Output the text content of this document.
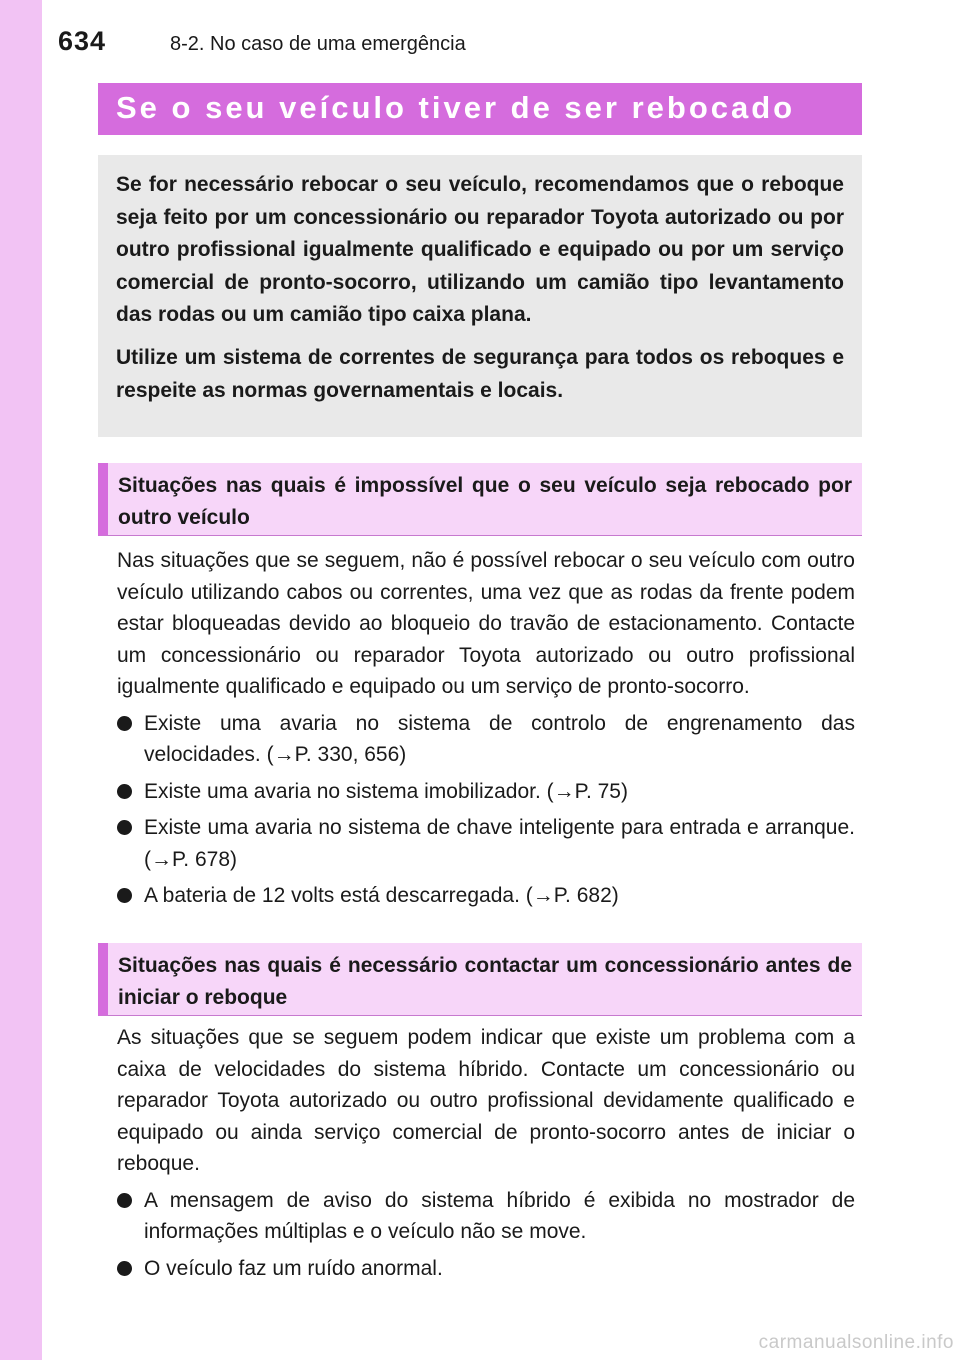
634	8-2. No caso de uma emergência
Se o seu veículo tiver de ser rebocado

Se for necessário rebocar o seu veículo, recomendamos que o reboque seja feito por um concessionário ou reparador Toyota autorizado ou por outro profissional igualmente qualificado e equipado ou por um serviço comercial de pronto-socorro, utilizando um camião tipo levantamento das rodas ou um camião tipo caixa plana.

Utilize um sistema de correntes de segurança para todos os reboques e respeite as normas governamentais e locais.

Situações nas quais é impossível que o seu veículo seja rebocado por outro veículo

Nas situações que se seguem, não é possível rebocar o seu veículo com outro veículo utilizando cabos ou correntes, uma vez que as rodas da frente podem estar bloqueadas devido ao bloqueio do travão de estacionamento. Contacte um concessionário ou reparador Toyota autorizado ou outro profissional igualmente qualificado e equipado ou um serviço de pronto-socorro.

Existe uma avaria no sistema de controlo de engrenamento das velocidades. (→P. 330, 656)
Existe uma avaria no sistema imobilizador. (→P. 75)
Existe uma avaria no sistema de chave inteligente para entrada e arranque. (→P. 678)
A bateria de 12 volts está descarregada. (→P. 682)
Situações nas quais é necessário contactar um concessionário antes de iniciar o reboque

As situações que se seguem podem indicar que existe um problema com a caixa de velocidades do sistema híbrido. Contacte um concessionário ou reparador Toyota autorizado ou outro profissional devidamente qualificado e equipado ou ainda serviço comercial de pronto-socorro antes de iniciar o reboque.

A mensagem de aviso do sistema híbrido é exibida no mostrador de informações múltiplas e o veículo não se move.
O veículo faz um ruído anormal.
carmanualsonline.info
